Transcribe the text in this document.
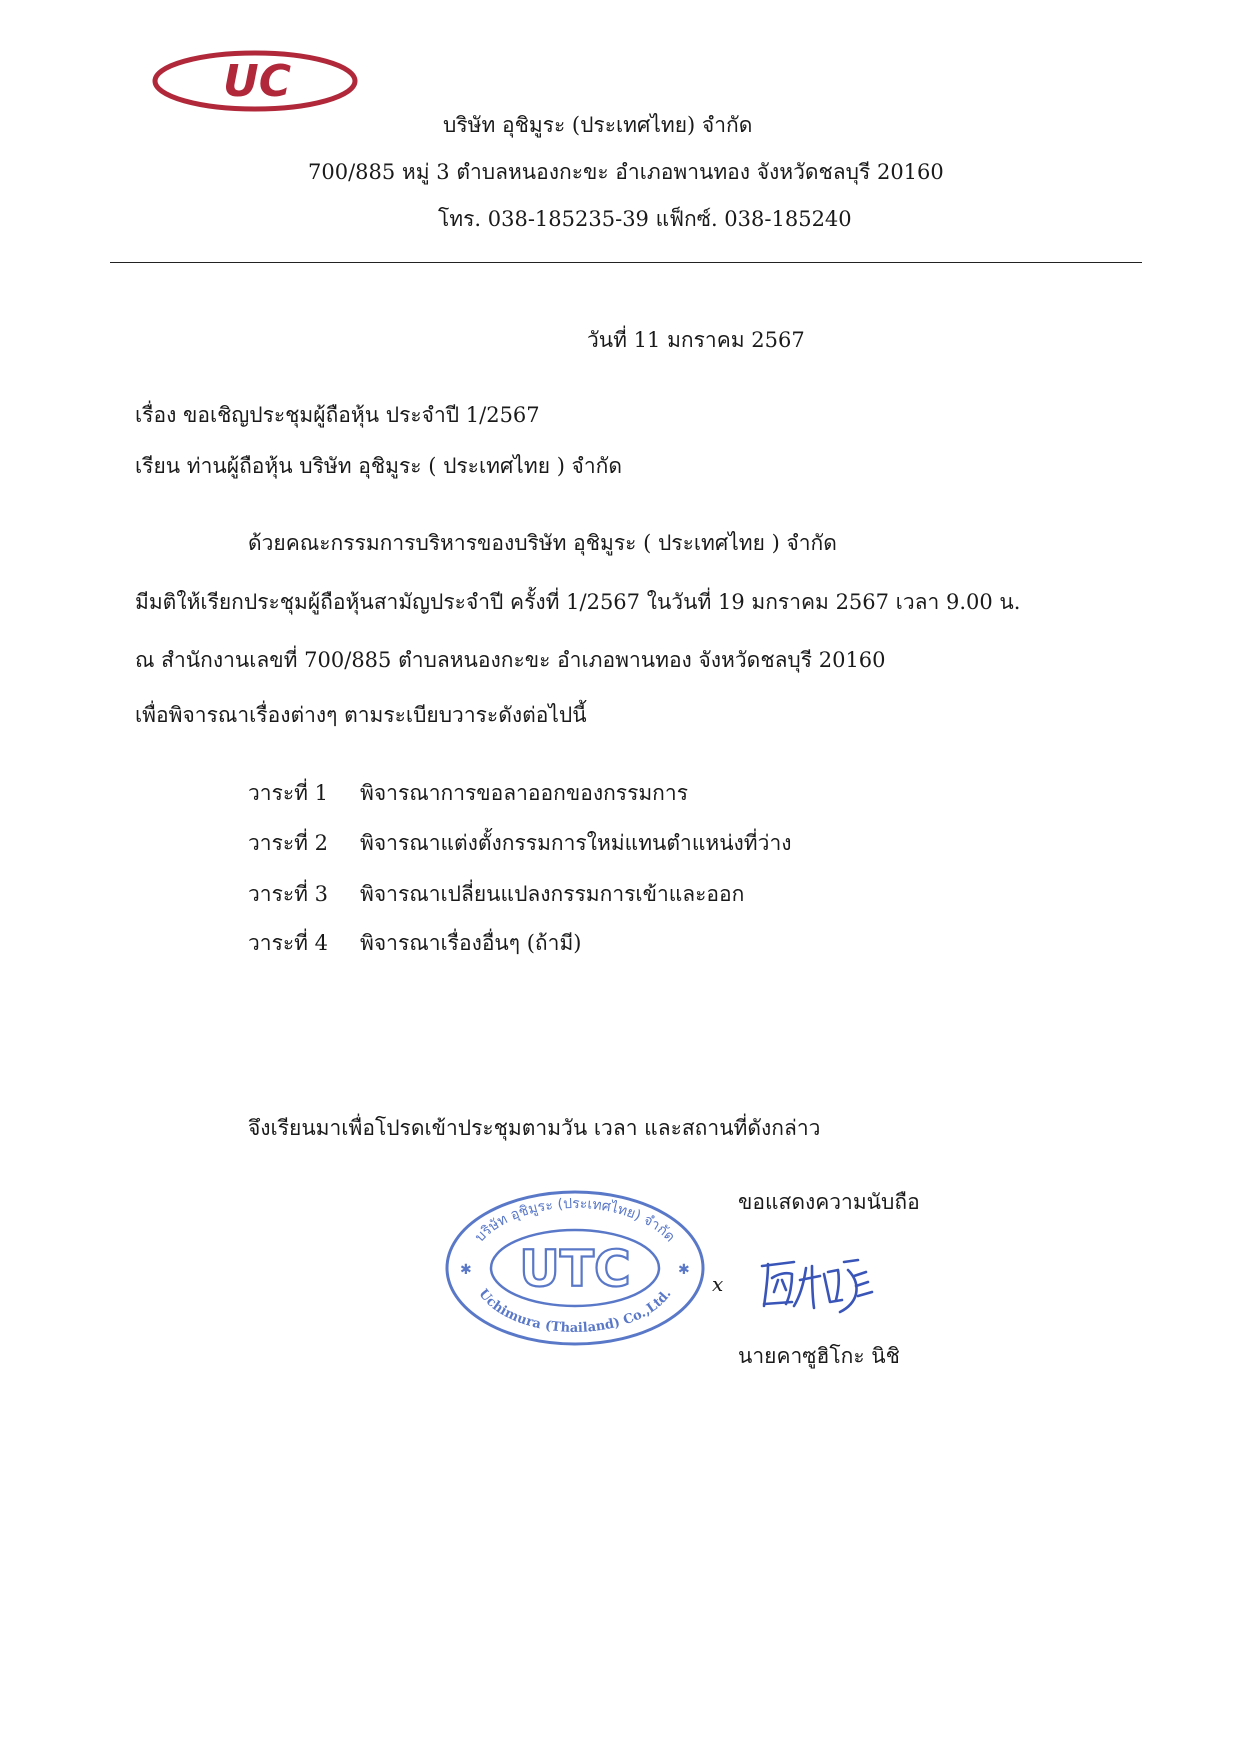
UC
บริษัท อุชิมูระ (ประเทศไทย) จำกัด
700/885 หมู่ 3 ตำบลหนองกะขะ อำเภอพานทอง จังหวัดชลบุรี 20160
โทร. 038-185235-39 แฟ็กซ์. 038-185240
วันที่ 11 มกราคม 2567
เรื่อง ขอเชิญประชุมผู้ถือหุ้น ประจำปี 1/2567
เรียน ท่านผู้ถือหุ้น บริษัท อุชิมูระ ( ประเทศไทย ) จำกัด
ด้วยคณะกรรมการบริหารของบริษัท อุชิมูระ ( ประเทศไทย ) จำกัด
มีมติให้เรียกประชุมผู้ถือหุ้นสามัญประจำปี ครั้งที่ 1/2567 ในวันที่ 19 มกราคม 2567 เวลา 9.00 น.
ณ สำนักงานเลขที่ 700/885 ตำบลหนองกะขะ อำเภอพานทอง จังหวัดชลบุรี 20160
เพื่อพิจารณาเรื่องต่างๆ ตามระเบียบวาระดังต่อไปนี้
วาระที่ 1 พิจารณาการขอลาออกของกรรมการ
วาระที่ 2 พิจารณาแต่งตั้งกรรมการใหม่แทนตำแหน่งที่ว่าง
วาระที่ 3 พิจารณาเปลี่ยนแปลงกรรมการเข้าและออก
วาระที่ 4 พิจารณาเรื่องอื่นๆ (ถ้ามี)
จึงเรียนมาเพื่อโปรดเข้าประชุมตามวัน เวลา และสถานที่ดังกล่าว
ขอแสดงความนับถือ
บริษัท อุชิมูระ (ประเทศไทย) จำกัด
Uchimura (Thailand) Co.,Ltd.
UTC
✱	✱
x
นายคาซูฮิโกะ นิชิ
